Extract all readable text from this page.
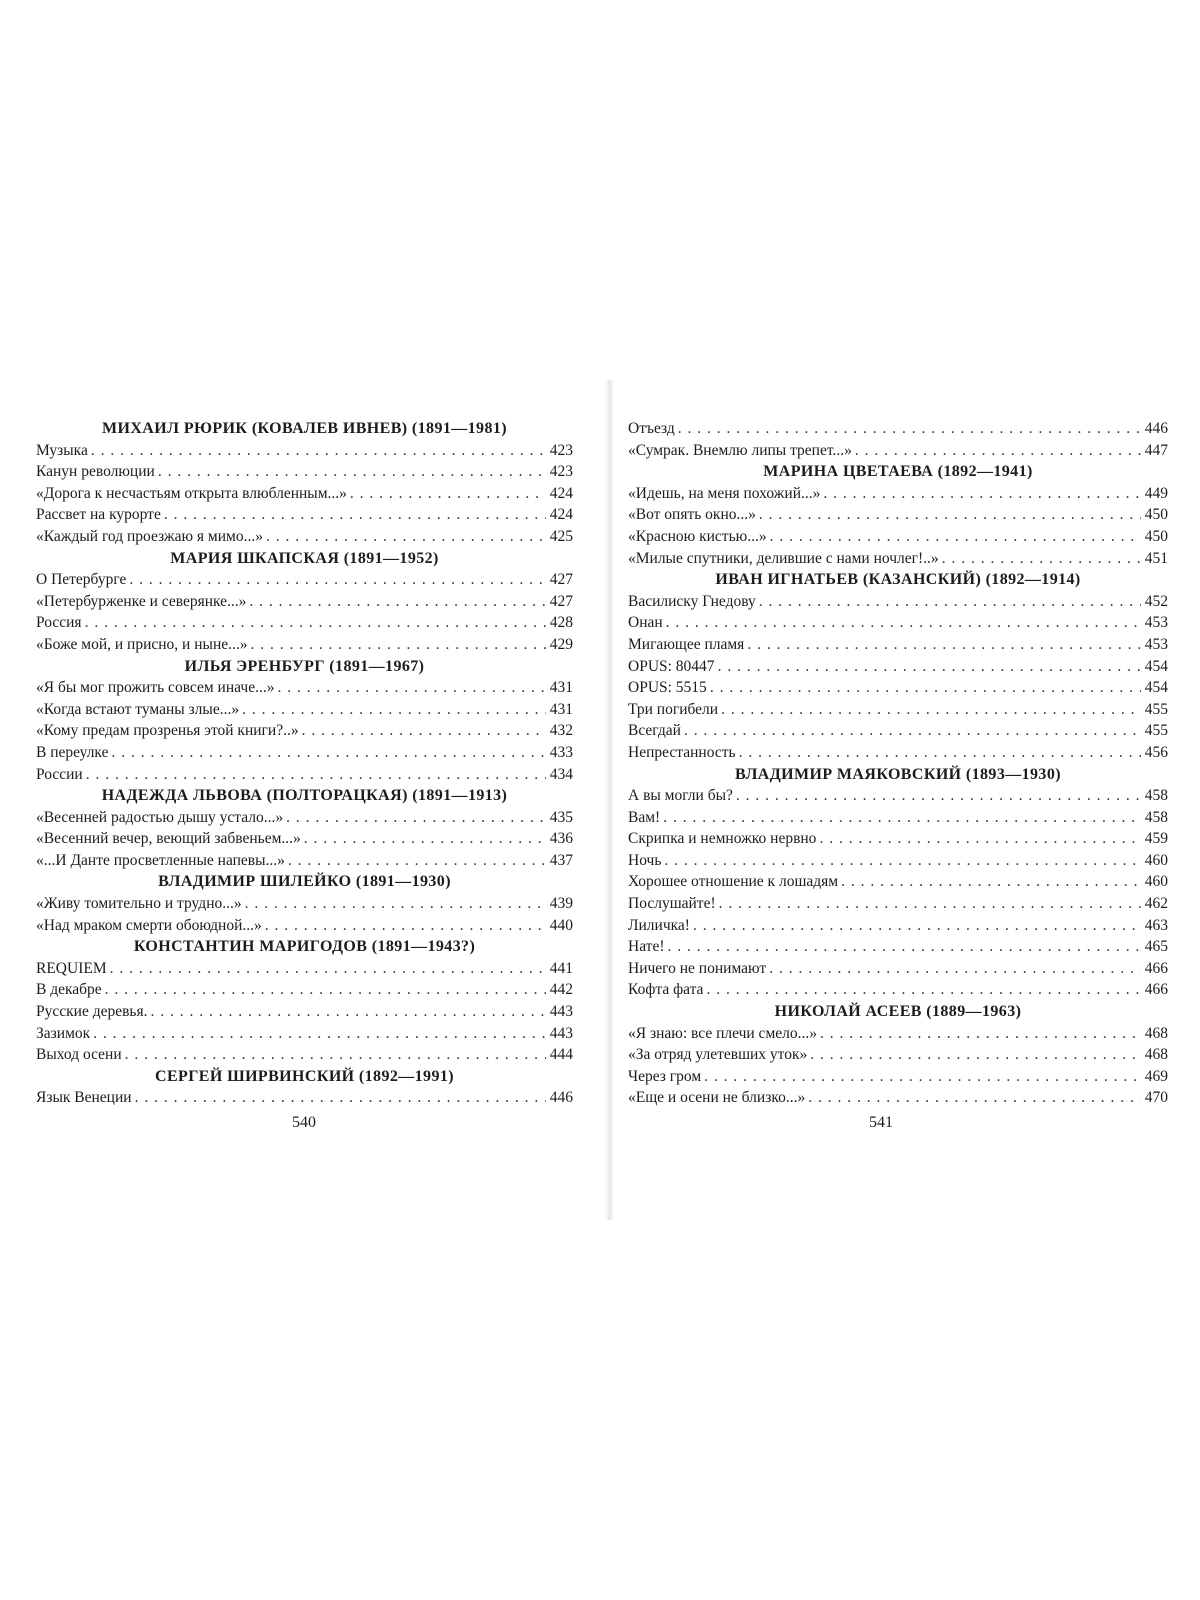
МИХАИЛ РЮРИК (КОВАЛЕВ ИВНЕВ) (1891—1981)
Музыка . . .	423
Канун революции . . .	423
«Дорога к несчастьям открыта влюбленным...» . . .	424
Рассвет на курорте . . .	424
«Каждый год проезжаю я мимо...» . . .	425
МАРИЯ ШКАПСКАЯ (1891—1952)
О Петербурге . . .	427
«Петербурженке и северянке...» . . .	427
Россия . . .	428
«Боже мой, и присно, и ныне...» . . .	429
ИЛЬЯ ЭРЕНБУРГ (1891—1967)
«Я бы мог прожить совсем иначе...» . . .	431
«Когда встают туманы злые...» . . .	431
«Кому предам прозренья этой книги?..» . . .	432
В переулке . . .	433
России . . .	434
НАДЕЖДА ЛЬВОВА (ПОЛТОРАЦКАЯ) (1891—1913)
«Весенней радостью дышу устало...» . . .	435
«Весенний вечер, веющий забвеньем...» . . .	436
«...И Данте просветленные напевы...» . . .	437
ВЛАДИМИР ШИЛЕЙКО (1891—1930)
«Живу томительно и трудно...» . . .	439
«Над мраком смерти обоюдной...» . . .	440
КОНСТАНТИН МАРИГОДОВ (1891—1943?)
REQUIEM . . .	441
В декабре . . .	442
Русские деревья. . . .	443
Зазимок . . .	443
Выход осени . . .	444
СЕРГЕЙ ШИРВИНСКИЙ (1892—1991)
Язык Венеции . . .	446
Отъезд . . .	446
«Сумрак. Внемлю липы трепет...» . . .	447
МАРИНА ЦВЕТАЕВА (1892—1941)
«Идешь, на меня похожий...» . . .	449
«Вот опять окно...» . . .	450
«Красною кистью...» . . .	450
«Милые спутники, делившие с нами ночлег!..» . . .	451
ИВАН ИГНАТЬЕВ (КАЗАНСКИЙ) (1892—1914)
Василиску Гнедову . . .	452
Онан . . .	453
Мигающее пламя . . .	453
OPUS: 80447 . . .	454
OPUS: 5515 . . .	454
Три погибели . . .	455
Всегдай . . .	455
Непрестанность . . .	456
ВЛАДИМИР МАЯКОВСКИЙ (1893—1930)
А вы могли бы? . . .	458
Вам! . . .	458
Скрипка и немножко нервно . . .	459
Ночь . . .	460
Хорошее отношение к лошадям . . .	460
Послушайте! . . .	462
Лиличка! . . .	463
Нате! . . .	465
Ничего не понимают . . .	466
Кофта фата . . .	466
НИКОЛАЙ АСЕЕВ (1889—1963)
«Я знаю: все плечи смело...» . . .	468
«За отряд улетевших уток» . . .	468
Через гром . . .	469
«Еще и осени не близко...» . . .	470
540	541
